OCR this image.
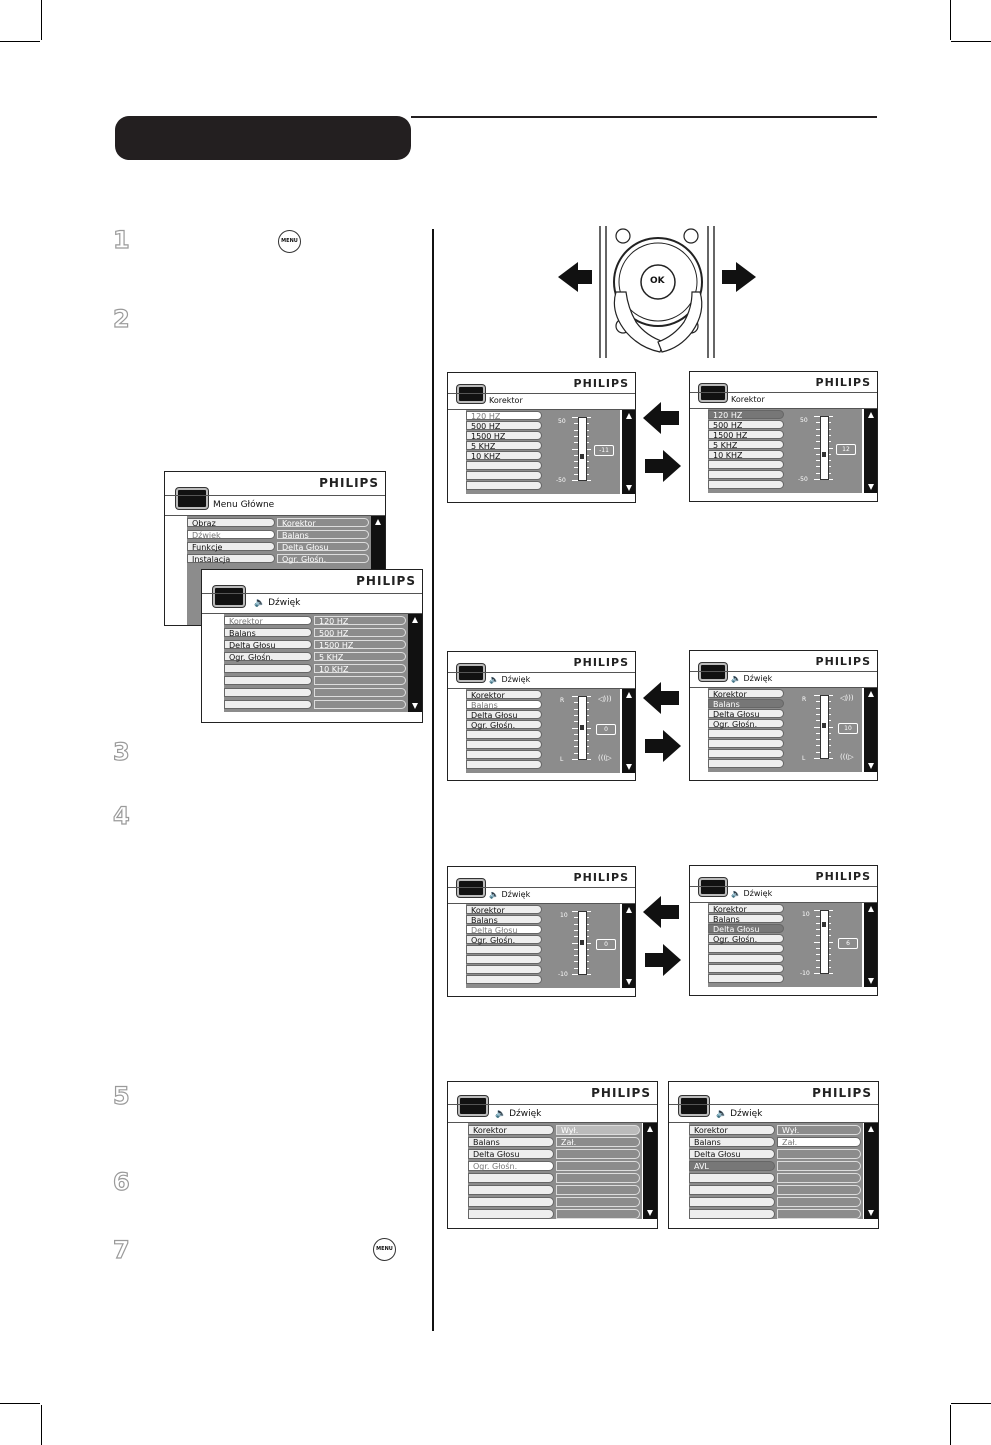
1
2
3
4
5
6
7
MENU
MENU
OK
PHILIPS
Menu Główne
Obraz
Dźwięk
Funkcje
Instalacja
Korektor
Balans
Delta Głosu
Ogr. Głośn.
PHILIPS
🔈 Dźwięk
Korektor
Balans
Delta Głosu
Ogr. Głośn.
120 HZ
500 HZ
1500 HZ
5 KHZ
10 KHZ
PHILIPS
Korektor
120 HZ
500 HZ
1500 HZ
5 KHZ
10 KHZ
50
-50
-11
PHILIPS
Korektor
120 HZ
500 HZ
1500 HZ
5 KHZ
10 KHZ
50
-50
12
PHILIPS
🔈 Dźwięk
Korektor
Balans
Delta Głosu
Ogr. Głośn.
R
L
◁)))
(((▷
0
PHILIPS
🔈 Dźwięk
Korektor
Balans
Delta Głosu
Ogr. Głośn.
R
L
◁)))
(((▷
10
PHILIPS
🔈 Dźwięk
Korektor
Balans
Delta Głosu
Ogr. Głośn.
10
-10
0
PHILIPS
🔈 Dźwięk
Korektor
Balans
Delta Głosu
Ogr. Głośn.
10
-10
6
PHILIPS
🔈 Dźwięk
Korektor
Balans
Delta Głosu
Ogr. Głośn.
Wył.
Zał.
PHILIPS
🔈 Dźwięk
Korektor
Balans
Delta Głosu
AVL
Wył.
Zał.
